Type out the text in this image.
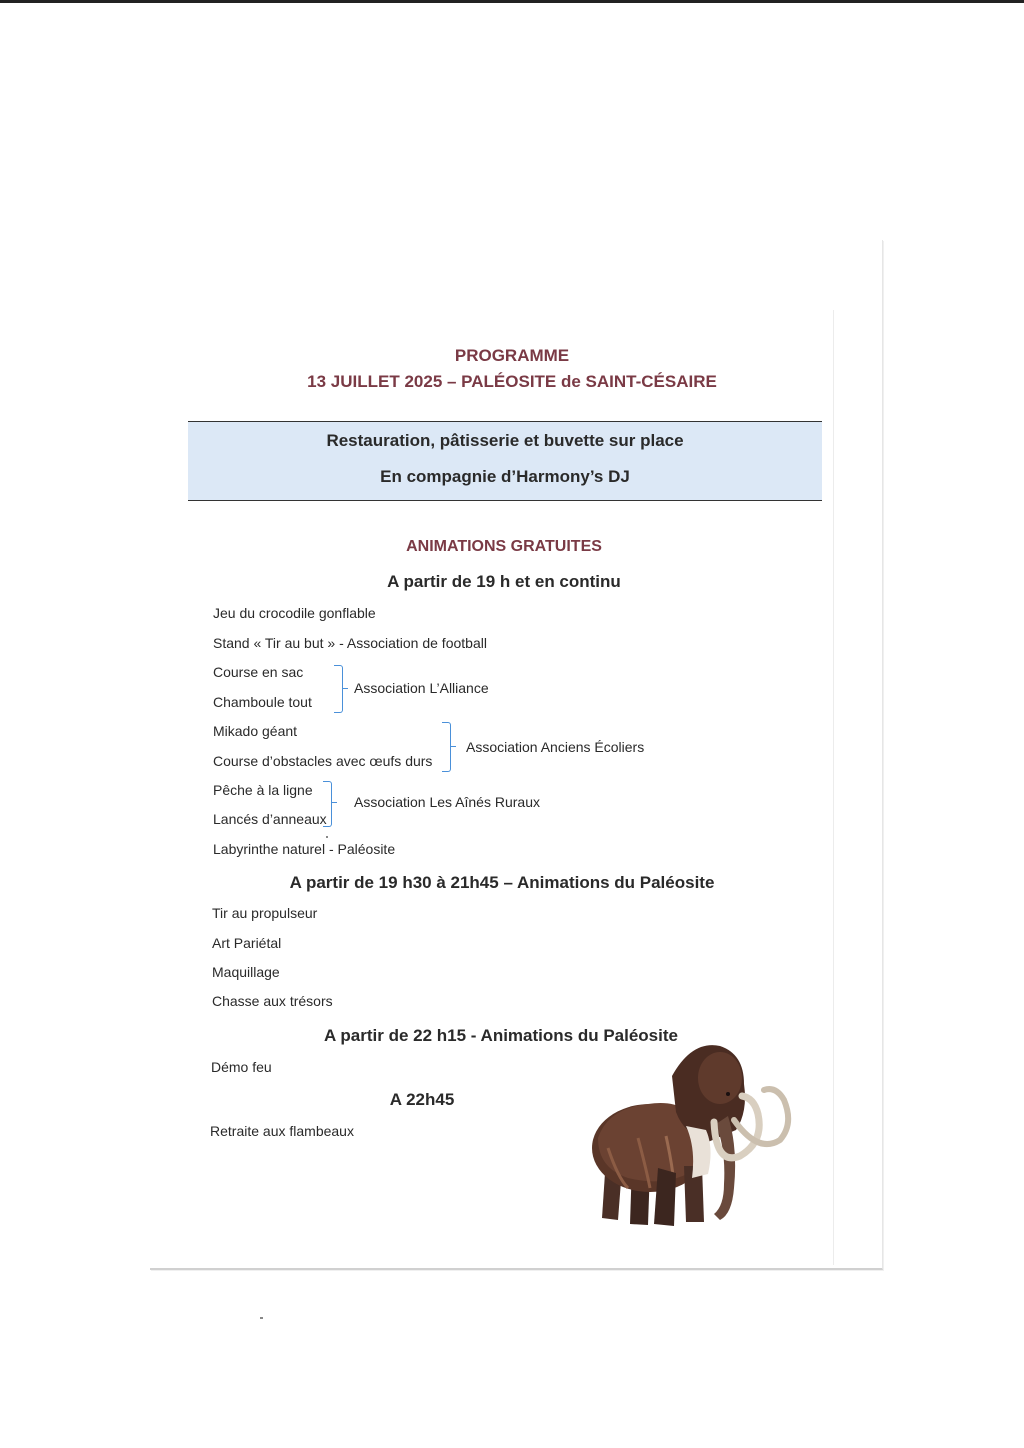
PROGRAMME
13 JUILLET 2025 – PALÉOSITE de SAINT-CÉSAIRE
Restauration, pâtisserie et buvette sur place
En compagnie d’Harmony’s DJ
ANIMATIONS GRATUITES
A partir de 19 h et en continu
Jeu du crocodile gonflable
Stand « Tir au but » - Association de football
Course en sac
Chamboule tout
Mikado géant
Course d’obstacles avec œufs durs
Pêche à la ligne
Lancés d’anneaux
Labyrinthe naturel - Paléosite
Association L’Alliance
Association Anciens Écoliers
Association Les Aînés Ruraux
A partir de 19 h30 à 21h45 – Animations du Paléosite
Tir au propulseur
Art Pariétal
Maquillage
Chasse aux trésors
A partir de 22 h15 - Animations du Paléosite
Démo feu
A 22h45
Retraite aux flambeaux
